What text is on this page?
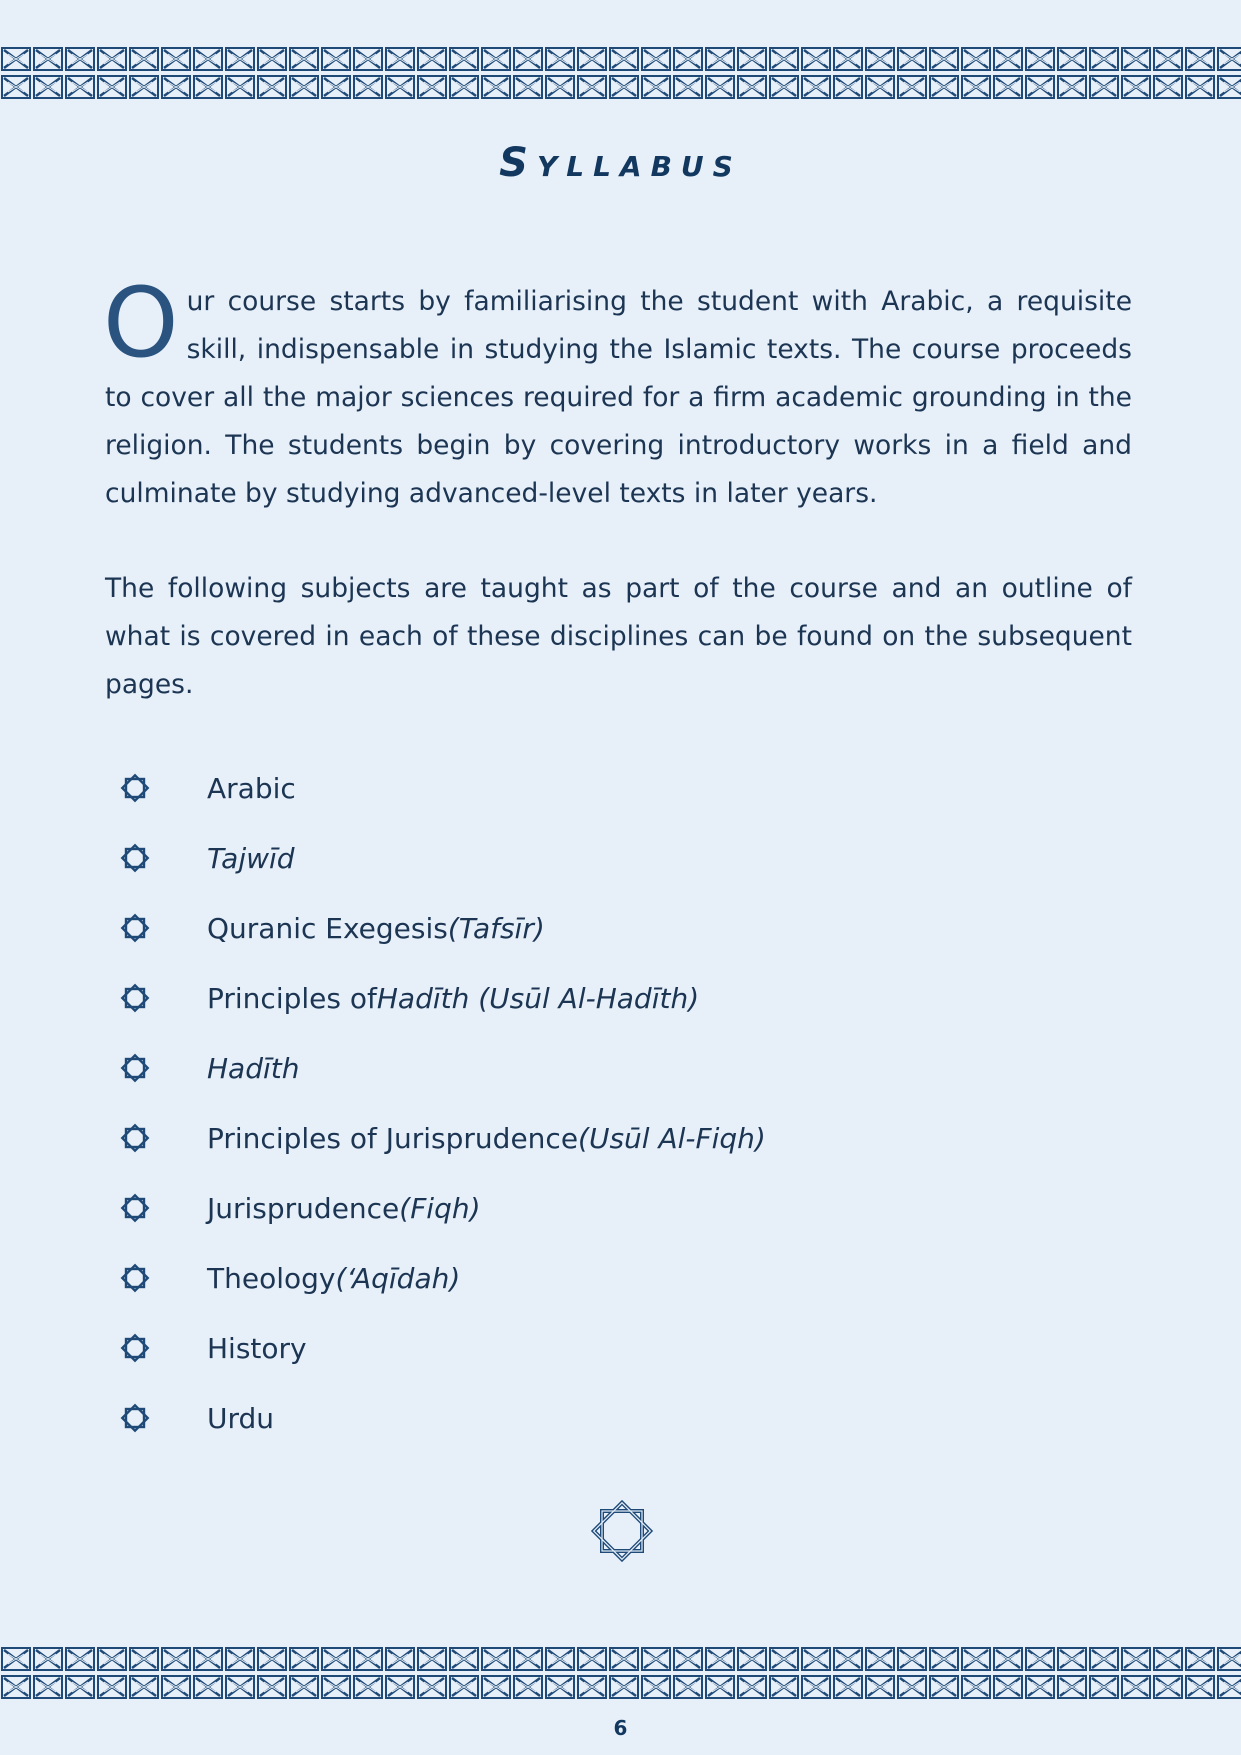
Syllabus
O ur course starts by familiarising the student with Arabic, a requisite skill, indispensable in studying the Islamic texts. The course proceeds to cover all the major sciences required for a firm academic grounding in the religion. The students begin by covering introductory works in a field and culminate by studying advanced-level texts in later years.
The following subjects are taught as part of the course and an outline of what is covered in each of these disciplines can be found on the subsequent pages.
Arabic
Tajwīd
Quranic Exegesis (Tafsīr)
Principles of Hadīth (Usūl Al-Hadīth)
Hadīth
Principles of Jurisprudence (Usūl Al-Fiqh)
Jurisprudence (Fiqh)
Theology (‘Aqīdah)
History
Urdu
6
